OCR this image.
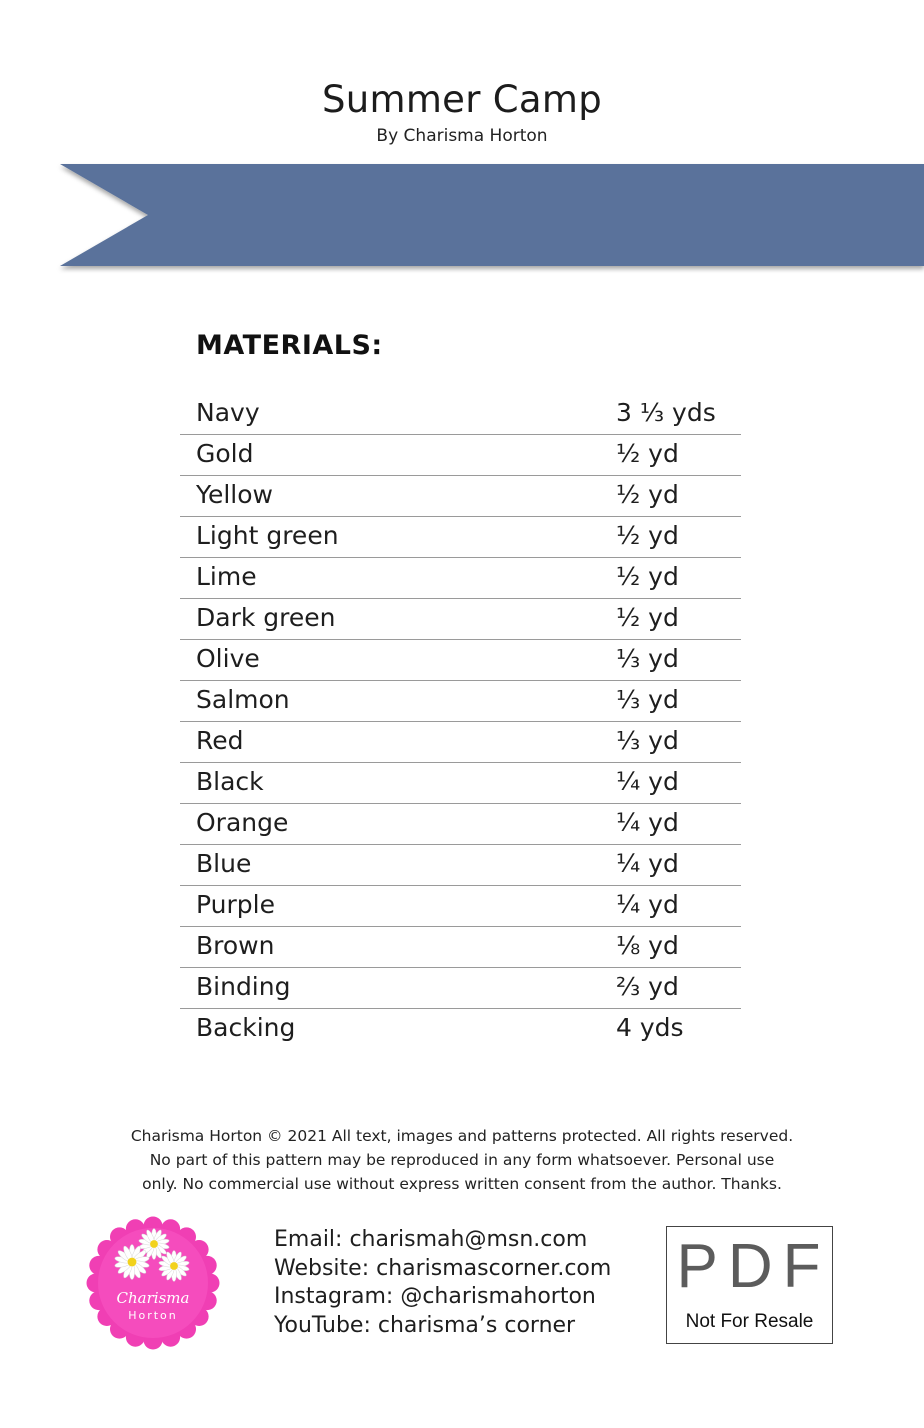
Summer Camp
By Charisma Horton
MATERIALS:
Navy	3 ⅓ yds
Gold	½ yd
Yellow	½ yd
Light green	½ yd
Lime	½ yd
Dark green	½ yd
Olive	⅓ yd
Salmon	⅓ yd
Red	⅓ yd
Black	¼ yd
Orange	¼ yd
Blue	¼ yd
Purple	¼ yd
Brown	⅛ yd
Binding	⅔ yd
Backing	4 yds
Charisma Horton © 2021 All text, images and patterns protected. All rights reserved.
No part of this pattern may be reproduced in any form whatsoever. Personal use
only. No commercial use without express written consent from the author. Thanks.
Charisma
Horton
Email: charismah@msn.com
Website: charismascorner.com
Instagram: @charismahorton
YouTube: charisma’s corner
PDF
Not For Resale
